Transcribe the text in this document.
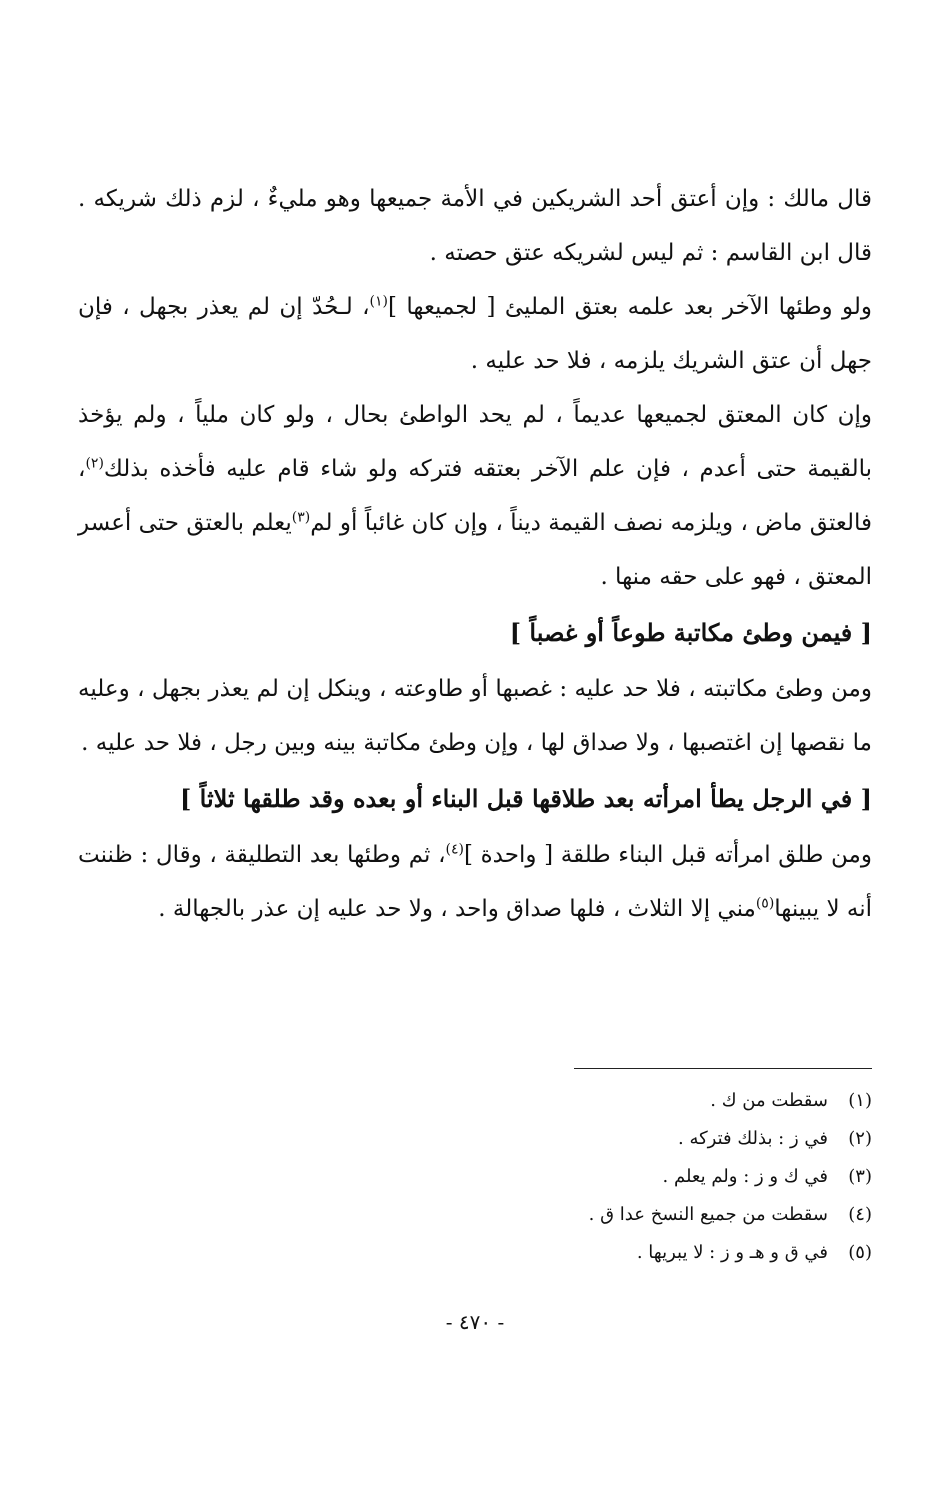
قال مالك : وإن أعتق أحد الشريكين في الأمة جميعها وهو مليءٌ ، لزم ذلك شريكه . قال ابن القاسم : ثم ليس لشريكه عتق حصته .

ولو وطئها الآخر بعد علمه بعتق المليئ [ لجميعها ]$^{(١)}$، لـحُدّ إن لم يعذر بجهل ، فإن جهل أن عتق الشريك يلزمه ، فلا حد عليه .

وإن كان المعتق لجميعها عديماً ، لم يحد الواطئ بحال ، ولو كان ملياً ، ولم يؤخذ بالقيمة حتى أعدم ، فإن علم الآخر بعتقه فتركه ولو شاء قام عليه فأخذه بذلك$^{(٢)}$، فالعتق ماض ، ويلزمه نصف القيمة ديناً ، وإن كان غائباً أو لم$^{(٣)}$يعلم بالعتق حتى أعسر المعتق ، فهو على حقه منها .

[ فيمن وطئ مكاتبة طوعاً أو غصباً ]

ومن وطئ مكاتبته ، فلا حد عليه : غصبها أو طاوعته ، وينكل إن لم يعذر بجهل ، وعليه ما نقصها إن اغتصبها ، ولا صداق لها ، وإن وطئ مكاتبة بينه وبين رجل ، فلا حد عليه .

[ في الرجل يطأ امرأته بعد طلاقها قبل البناء أو بعده وقد طلقها ثلاثاً ]

ومن طلق امرأته قبل البناء طلقة [ واحدة ]$^{(٤)}$، ثم وطئها بعد التطليقة ، وقال : ظننت أنه لا يبينها$^{(٥)}$مني إلا الثلاث ، فلها صداق واحد ، ولا حد عليه إن عذر بالجهالة .

(١)
سقطت من ك .
(٢)
في ز : بذلك فتركه .
(٣)
في ك و ز : ولم يعلم .
(٤)
سقطت من جميع النسخ عدا ق .
(٥)
في ق و هـ و ز : لا يبريها .
- ٤٧٠ -
